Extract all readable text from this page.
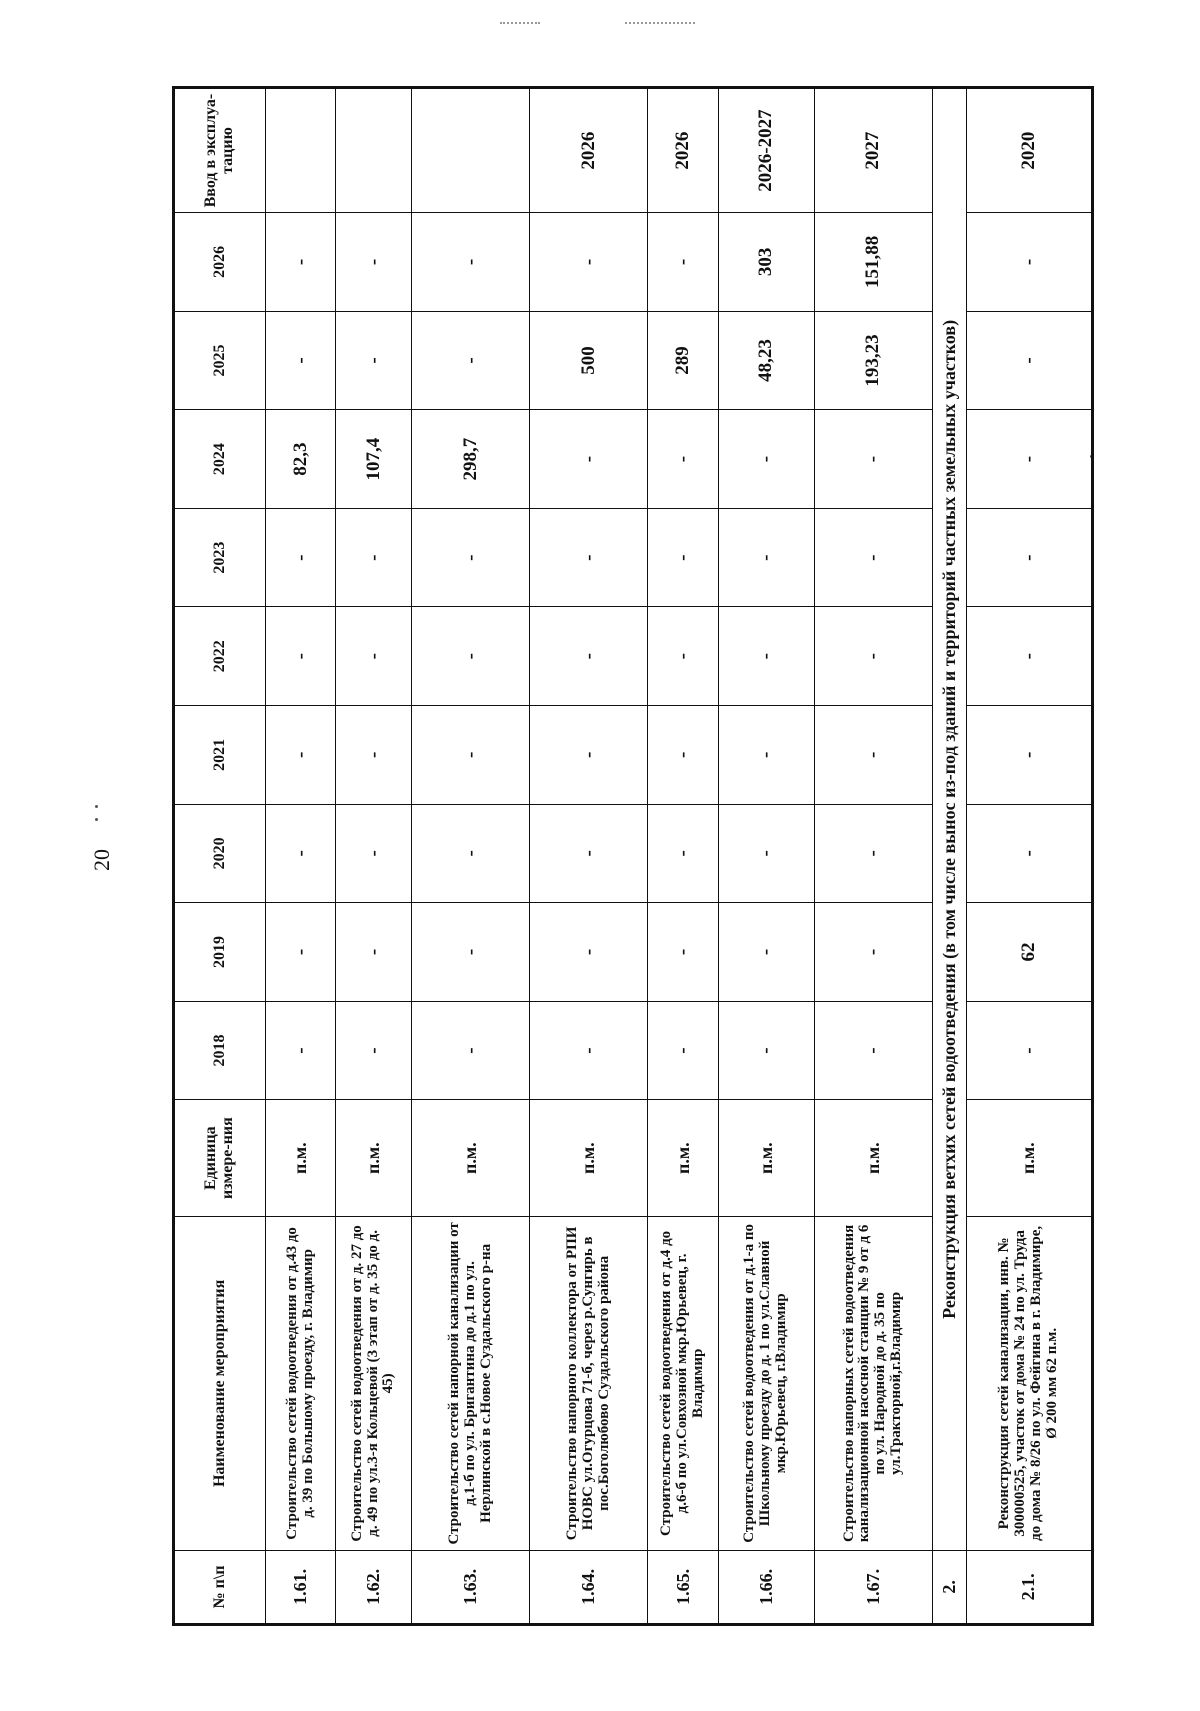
20
№ п\п	Наименование мероприятия	Единица измере-ния	2018	2019	2020	2021	2022	2023	2024	2025	2026	Ввод в эксплуа-тацию
1.61.	Строительство сетей водоотведения от д.43 до д. 39 по Большому проезду, г. Владимир	п.м.	-	-	-	-	-	-	82,3	-	-	
1.62.	Строительство сетей водоотведения от д. 27 до д. 49 по ул.3-я Кольцевой (3 этап от д. 35 до д. 45)	п.м.	-	-	-	-	-	-	107,4	-	-	
1.63.	Строительство сетей напорной канализации от д.1-б по ул. Бригантина до д.1 по ул. Нерлинской в с.Новое Суздальского р-на	п.м.	-	-	-	-	-	-	298,7	-	-	
1.64.	Строительство напорного коллектора от РПИ НОВС ул.Огурцова 71-б, через р.Сунгирь в пос.Боголюбово Суздальского района	п.м.	-	-	-	-	-	-	-	500	-	2026
1.65.	Строительство сетей водоотведения от д.4 до д.6-б по ул.Совхозной мкр.Юрьевец, г. Владимир	п.м.	-	-	-	-	-	-	-	289	-	2026
1.66.	Строительство сетей водоотведения от д.1-а по Школьному проезду до д. 1 по ул.Славной мкр.Юрьевец, г.Владимир	п.м.	-	-	-	-	-	-	-	48,23	303	2026-2027
1.67.	Строительство напорных сетей водоотведения канализационной насосной станции № 9 от д 6 по ул. Народной до д. 35 по ул.Тракторной,г.Владимир	п.м.	-	-	-	-	-	-	-	193,23	151,88	2027
2.	Реконструкция ветхих сетей водоотведения (в том числе вынос из-под зданий и территорий частных земельных участков)											
2.1.	Реконструкция сетей канализации, инв. № 300000525, участок от дома № 24 по ул. Труда до дома № 8/26 по ул. Фейгина в г. Владимире, Ø 200 мм 62 п.м.	п.м.	-	62	-	-	-	-	-	-	-	2020
